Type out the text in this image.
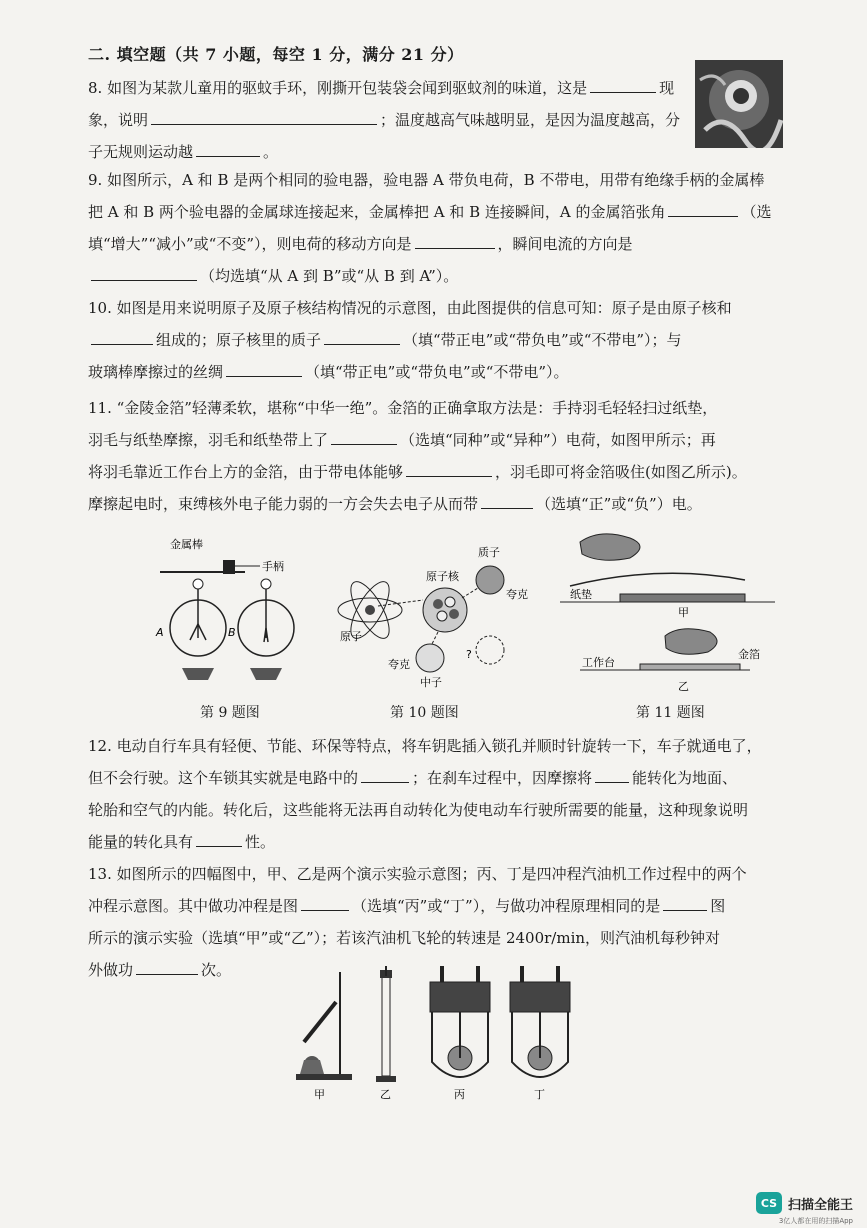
二. 填空题（共 7 小题，每空 1 分，满分 21 分）

8. 如图为某款儿童用的驱蚊手环，刚撕开包装袋会闻到驱蚊剂的味道，这是	现

象，说明	；温度越高气味越明显，是因为温度越高，分

子无规则运动越	。

9. 如图所示，A 和 B 是两个相同的验电器，验电器 A 带负电荷，B 不带电，用带有绝缘手柄的金属棒

把 A 和 B 两个验电器的金属球连接起来，金属棒把 A 和 B 连接瞬间，A 的金属箔张角	（选

填“增大”“减小”或“不变”），则电荷的移动方向是	，瞬间电流的方向是

（均选填“从 A 到 B”或“从 B 到 A”）。

10. 如图是用来说明原子及原子核结构情况的示意图，由此图提供的信息可知：原子是由原子核和

组成的；原子核里的质子	（填“带正电”或“带负电”或“不带电”）；与

玻璃棒摩擦过的丝绸	（填“带正电”或“带负电”或“不带电”）。

11. “金陵金箔”轻薄柔软，堪称“中华一绝”。金箔的正确拿取方法是：手持羽毛轻轻扫过纸垫，

羽毛与纸垫摩擦，羽毛和纸垫带上了	（选填“同种”或“异种”）电荷，如图甲所示；再

将羽毛靠近工作台上方的金箔，由于带电体能够	，羽毛即可将金箔吸住(如图乙所示)。

摩擦起电时，束缚核外电子能力弱的一方会失去电子从而带	（选填“正”或“负”）电。

金属棒
手柄
A	B
第 9 题图
质子
原子核
夸克
原子
夸克
中子
?
第 10 题图
纸垫
甲
工作台
金箔
乙
第 11 题图

12. 电动自行车具有轻便、节能、环保等特点，将车钥匙插入锁孔并顺时针旋转一下，车子就通电了，

但不会行驶。这个车锁其实就是电路中的	；在刹车过程中，因摩擦将	能转化为地面、

轮胎和空气的内能。转化后，这些能将无法再自动转化为使电动车行驶所需要的能量，这种现象说明

能量的转化具有	性。

13. 如图所示的四幅图中，甲、乙是两个演示实验示意图；丙、丁是四冲程汽油机工作过程中的两个

冲程示意图。其中做功冲程是图	（选填“丙”或“丁”），与做功冲程原理相同的是	图

所示的演示实验（选填“甲”或“乙”）；若该汽油机飞轮的转速是 2400r/min，则汽油机每秒钟对

外做功	次。

甲	乙	丙	丁
CS 扫描全能王
3亿人都在用的扫描App
